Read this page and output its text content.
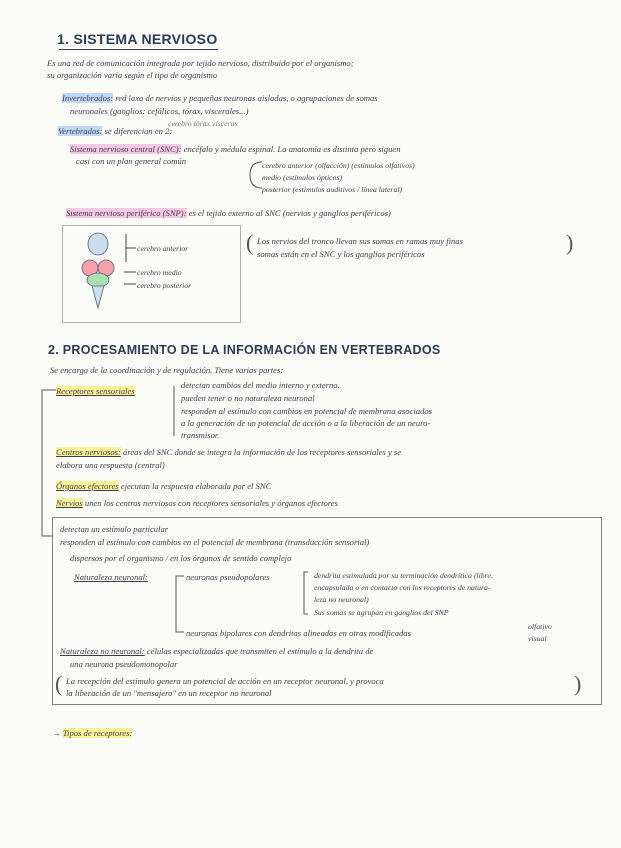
1. SISTEMA NERVIOSO
Es una red de comunicación integrada por tejido nervioso, distribuido por el organismo;
su organización varía según el tipo de organismo
Invertebrados: red laxa de nervios y pequeñas neuronas aisladas, o agrupaciones de somas
neuronales (ganglios: cefálicos, tórax, viscerales...)
cerebro tórax vísceras
Vertebrados: se diferencian en 2:
Sistema nervioso central (SNC): encéfalo y médula espinal. La anatomía es distinta pero siguen
casi con un plan general común	cerebro anterior (olfacción) (estímulos olfativos)
medio (estímulos ópticos)
posterior (estímulos auditivos / línea lateral)
Sistema nervioso periférico (SNP): es el tejido externo al SNC (nervios y ganglios periféricos)
cerebro anterior
cerebro medio
cerebro posterior
( Los nervios del tronco llevan sus somas en ramas muy finas
somas están en el SNC y los ganglios periféricos	)
2. PROCESAMIENTO DE LA INFORMACIÓN EN VERTEBRADOS
Se encarga de la coordinación y de regulación. Tiene varias partes:
Receptores sensoriales
detectan cambios del medio interno y externo.
pueden tener o no naturaleza neuronal
responden al estímulo con cambios en potencial de membrana asociados
a la generación de un potencial de acción o a la liberación de un neuro-
transmisor.
Centros nerviosos: áreas del SNC donde se integra la información de los receptores sensoriales y se
elabora una respuesta (central)
Órganos efectores ejecutan la respuesta elaborada por el SNC
Nervios unen los centros nerviosos con receptores sensoriales y órganos efectores
detectan un estímulo particular
responden al estímulo con cambios en el potencial de membrana (transducción sensorial)
dispersos por el organismo / en los órganos de sentido complejo
Naturaleza neuronal:	neuronas pseudopolares	dendrita estimulada por su terminación dendrítica (libre,
encapsulada o en contacto con los receptores de natura-
leza no neuronal)
Sus somas se agrupan en ganglios del SNP
neuronas bipolares con dendritas alineadas en otras modificadas
olfativo
visual
Naturaleza no neuronal: células especializadas que transmiten el estímulo a la dendrita de
una neurona pseudomonopolar
( La recepción del estímulo genera un potencial de acción en un receptor neuronal, y provoca
la liberación de un "mensajero" en un receptor no neuronal	)
→ Tipos de receptores:
